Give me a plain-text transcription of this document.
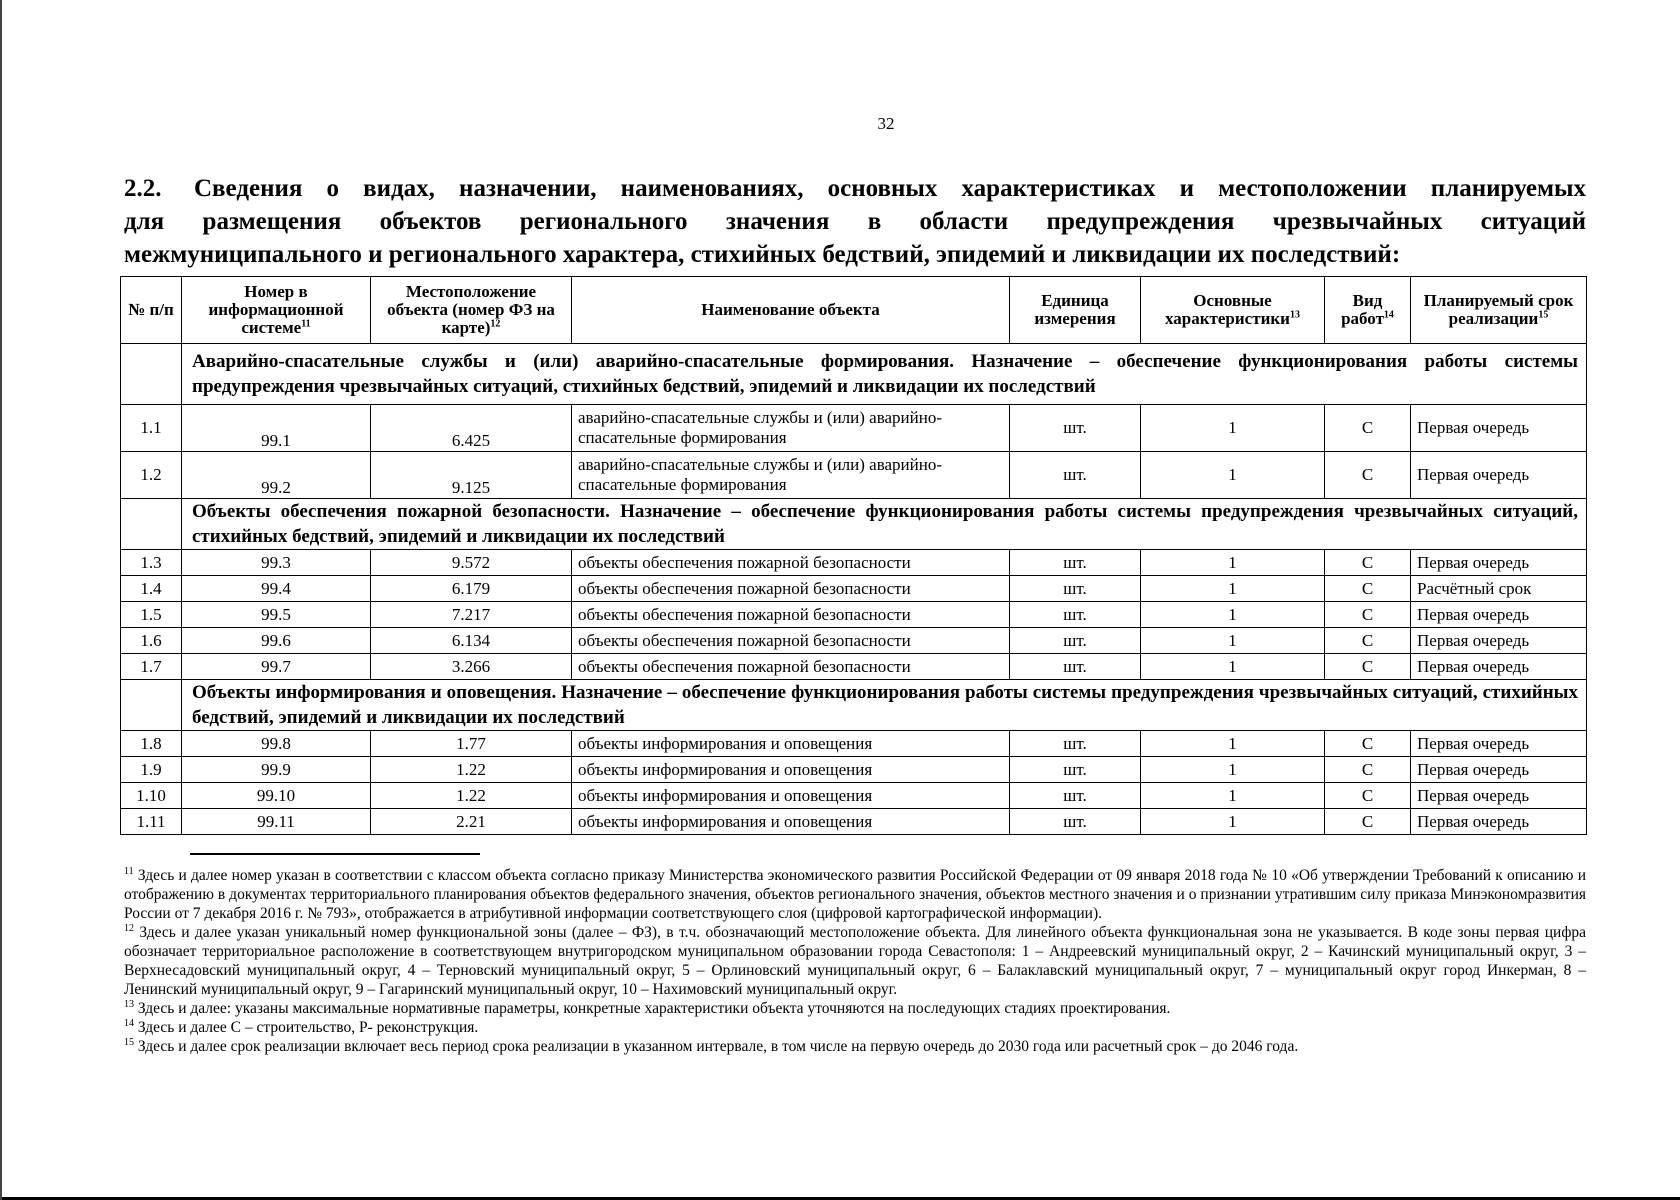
32
2.2. Сведения о видах, назначении, наименованиях, основных характеристиках и местоположении планируемых
для размещения объектов регионального значения в области предупреждения чрезвычайных ситуаций
межмуниципального и регионального характера, стихийных бедствий, эпидемий и ликвидации их последствий:
№ п/п	Номер в информационной системе$^{11}$	Местоположение объекта (номер ФЗ на карте)$^{12}$	Наименование объекта	Единица измерения	Основные характеристики$^{13}$	Вид работ$^{14}$	Планируемый срок реализации$^{15}$
	Аварийно-спасательные службы и (или) аварийно-спасательные формирования. Назначение – обеспечение функционирования работы системы предупреждения чрезвычайных ситуаций, стихийных бедствий, эпидемий и ликвидации их последствий						
1.1	99.1	6.425	аварийно-спасательные службы и (или) аварийно-спасательные формирования	шт.	1	С	Первая очередь
1.2	99.2	9.125	аварийно-спасательные службы и (или) аварийно-спасательные формирования	шт.	1	С	Первая очередь
	Объекты обеспечения пожарной безопасности. Назначение – обеспечение функционирования работы системы предупреждения чрезвычайных ситуаций, стихийных бедствий, эпидемий и ликвидации их последствий						
1.3	99.3	9.572	объекты обеспечения пожарной безопасности	шт.	1	С	Первая очередь
1.4	99.4	6.179	объекты обеспечения пожарной безопасности	шт.	1	С	Расчётный срок
1.5	99.5	7.217	объекты обеспечения пожарной безопасности	шт.	1	С	Первая очередь
1.6	99.6	6.134	объекты обеспечения пожарной безопасности	шт.	1	С	Первая очередь
1.7	99.7	3.266	объекты обеспечения пожарной безопасности	шт.	1	С	Первая очередь
	Объекты информирования и оповещения. Назначение – обеспечение функционирования работы системы предупреждения чрезвычайных ситуаций, стихийных бедствий, эпидемий и ликвидации их последствий						
1.8	99.8	1.77	объекты информирования и оповещения	шт.	1	С	Первая очередь
1.9	99.9	1.22	объекты информирования и оповещения	шт.	1	С	Первая очередь
1.10	99.10	1.22	объекты информирования и оповещения	шт.	1	С	Первая очередь
1.11	99.11	2.21	объекты информирования и оповещения	шт.	1	С	Первая очередь

$^{11}$ Здесь и далее номер указан в соответствии с классом объекта согласно приказу Министерства экономического развития Российской Федерации от 09 января 2018 года № 10 «Об утверждении Требований к описанию и отображению в документах территориального планирования объектов федерального значения, объектов регионального значения, объектов местного значения и о признании утратившим силу приказа Минэкономразвития России от 7 декабря 2016 г. № 793», отображается в атрибутивной информации соответствующего слоя (цифровой картографической информации).

$^{12}$ Здесь и далее указан уникальный номер функциональной зоны (далее – ФЗ), в т.ч. обозначающий местоположение объекта. Для линейного объекта функциональная зона не указывается. В коде зоны первая цифра обозначает территориальное расположение в соответствующем внутригородском муниципальном образовании города Севастополя: 1 – Андреевский муниципальный округ, 2 – Качинский муниципальный округ, 3 – Верхнесадовский муниципальный округ, 4 – Терновский муниципальный округ, 5 – Орлиновский муниципальный округ, 6 – Балаклавский муниципальный округ, 7 – муниципальный округ город Инкерман, 8 – Ленинский муниципальный округ, 9 – Гагаринский муниципальный округ, 10 – Нахимовский муниципальный округ.

$^{13}$ Здесь и далее: указаны максимальные нормативные параметры, конкретные характеристики объекта уточняются на последующих стадиях проектирования.

$^{14}$ Здесь и далее С – строительство, Р- реконструкция.

$^{15}$ Здесь и далее срок реализации включает весь период срока реализации в указанном интервале, в том числе на первую очередь до 2030 года или расчетный срок – до 2046 года.
